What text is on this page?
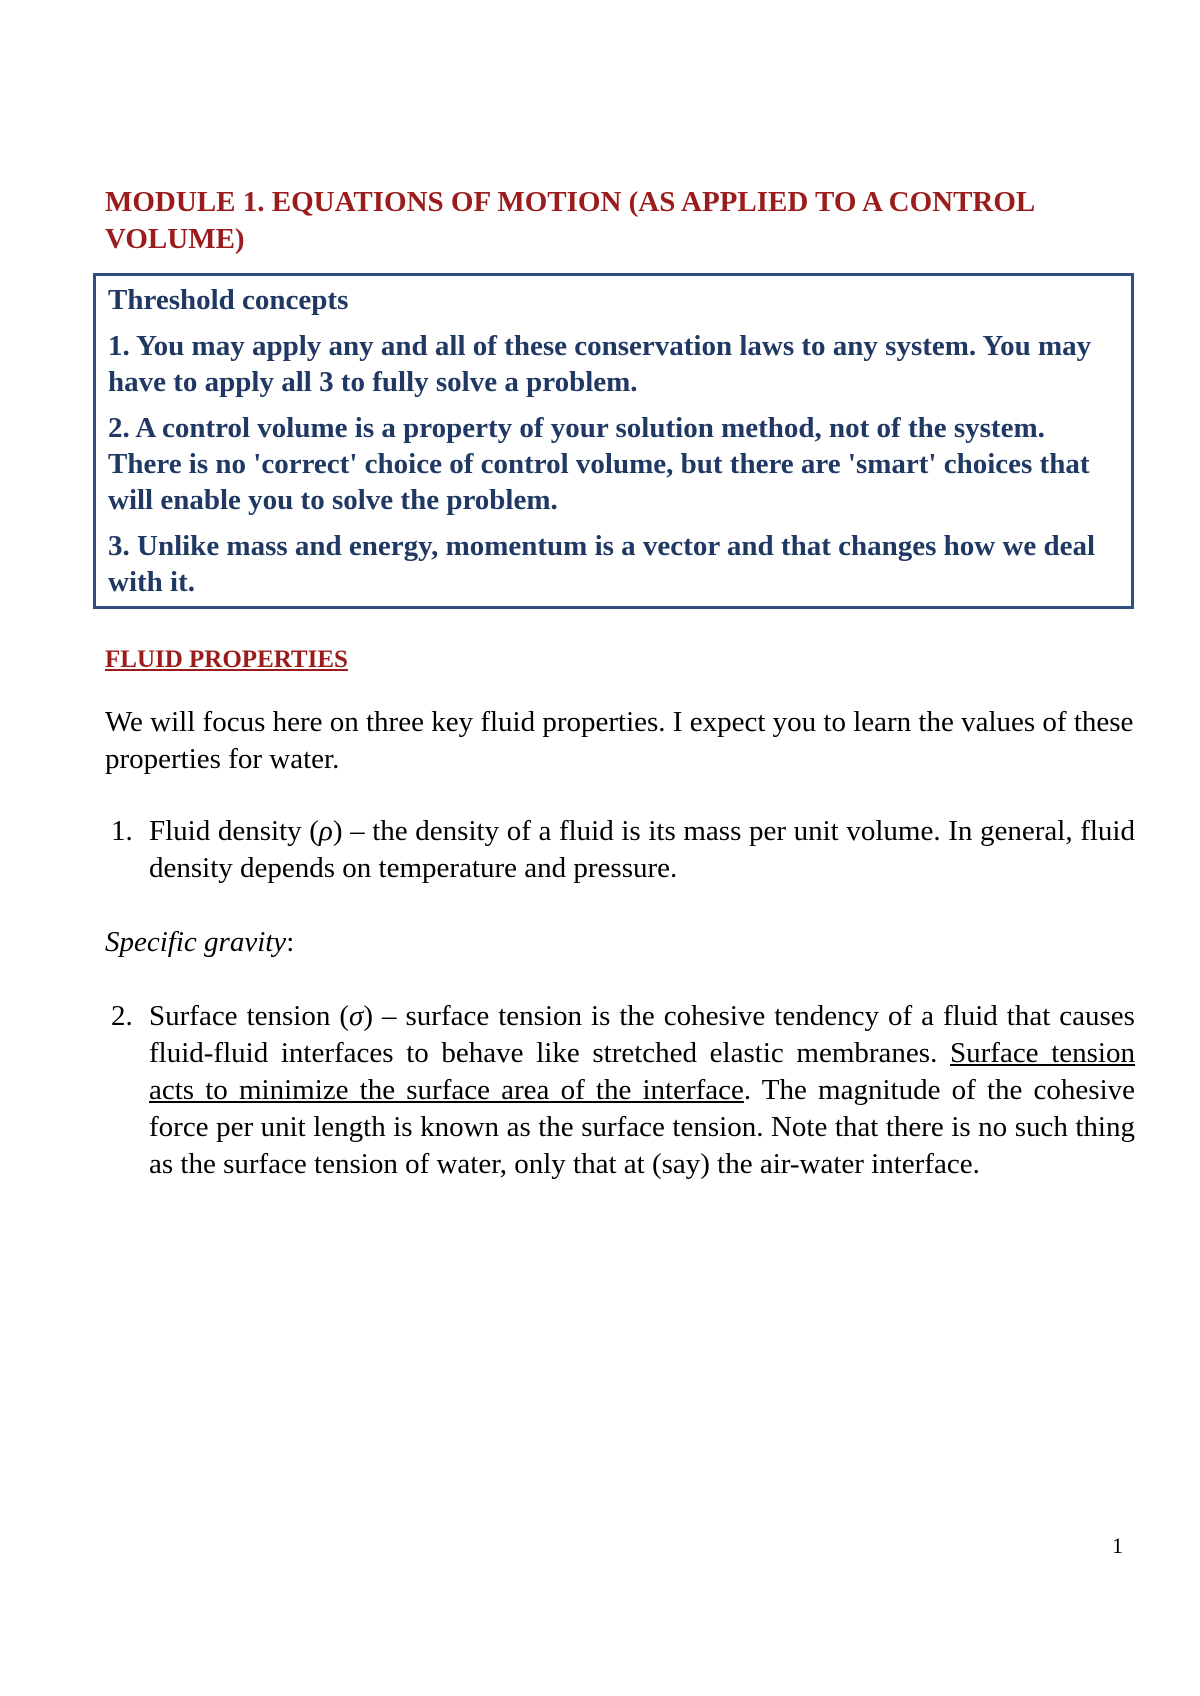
MODULE 1. EQUATIONS OF MOTION (AS APPLIED TO A CONTROL VOLUME)

Threshold concepts

1. You may apply any and all of these conservation laws to any system. You may have to apply all 3 to fully solve a problem.

2. A control volume is a property of your solution method, not of the system. There is no 'correct' choice of control volume, but there are 'smart' choices that will enable you to solve the problem.

3. Unlike mass and energy, momentum is a vector and that changes how we deal with it.

FLUID PROPERTIES

We will focus here on three key fluid properties. I expect you to learn the values of these properties for water.

1. Fluid density (ρ) – the density of a fluid is its mass per unit volume. In general, fluid density depends on temperature and pressure.

Specific gravity:

2. Surface tension (σ) – surface tension is the cohesive tendency of a fluid that causes fluid-fluid interfaces to behave like stretched elastic membranes. Surface tension acts to minimize the surface area of the interface. The magnitude of the cohesive force per unit length is known as the surface tension. Note that there is no such thing as the surface tension of water, only that at (say) the air-water interface.
1
